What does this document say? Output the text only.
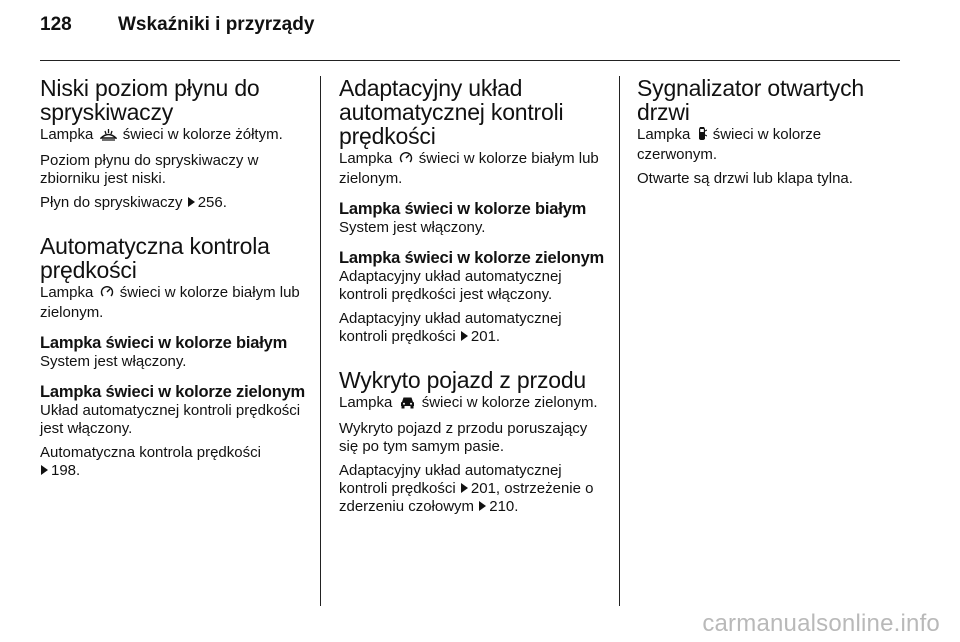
128 Wskaźniki i przyrządy
Niski poziom płynu do spryskiwaczy

Lampka świeci w kolorze żółtym.

Poziom płynu do spryskiwaczy w zbiorniku jest niski.

Płyn do spryskiwaczy 256.

Automatyczna kontrola prędkości

Lampka świeci w kolorze białym lub zielonym.

Lampka świeci w kolorze białym

System jest włączony.

Lampka świeci w kolorze zielonym

Układ automatycznej kontroli prędkości jest włączony.

Automatyczna kontrola prędkości
198.

Adaptacyjny układ automatycznej kontroli prędkości

Lampka świeci w kolorze białym lub zielonym.

Lampka świeci w kolorze białym

System jest włączony.

Lampka świeci w kolorze zielonym

Adaptacyjny układ automatycznej kontroli prędkości jest włączony.

Adaptacyjny układ automatycznej kontroli prędkości 201.

Wykryto pojazd z przodu

Lampka świeci w kolorze zielonym.

Wykryto pojazd z przodu poruszający się po tym samym pasie.

Adaptacyjny układ automatycznej kontroli prędkości 201, ostrzeżenie o zderzeniu czołowym 210.

Sygnalizator otwartych drzwi

Lampka świeci w kolorze czerwonym.

Otwarte są drzwi lub klapa tylna.

carmanualsonline.info
